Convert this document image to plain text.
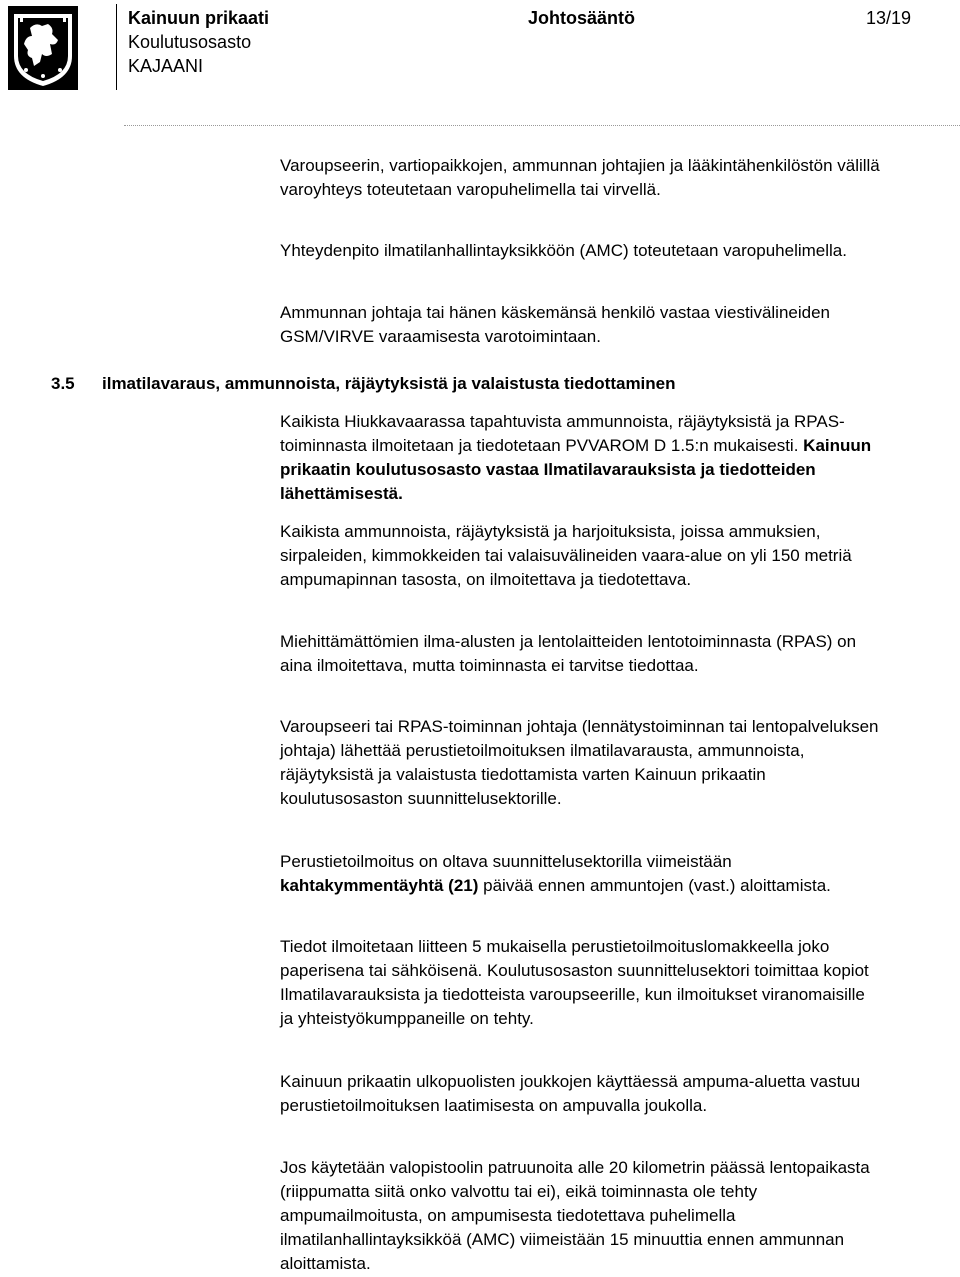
Kainuun prikaati
Koulutusosasto
KAJAANI
Johtosääntö	13/19

Varoupseerin, vartiopaikkojen, ammunnan johtajien ja lääkintähenkilöstön välillä varoyhteys toteutetaan varopuhelimella tai virvellä.

Yhteydenpito ilmatilanhallintayksikköön (AMC) toteutetaan varopuhelimella.

Ammunnan johtaja tai hänen käskemänsä henkilö vastaa viestivälineiden GSM/VIRVE varaamisesta varotoimintaan.

3.5 ilmatilavaraus, ammunnoista, räjäytyksistä ja valaistusta tiedottaminen

Kaikista Hiukkavaarassa tapahtuvista ammunnoista, räjäytyksistä ja RPAS-toiminnasta ilmoitetaan ja tiedotetaan PVVAROM D 1.5:n mukaisesti. Kainuun prikaatin koulutusosasto vastaa Ilmatilavarauksista ja tiedotteiden lähettämisestä.

Kaikista ammunnoista, räjäytyksistä ja harjoituksista, joissa ammuksien, sirpaleiden, kimmokkeiden tai valaisuvälineiden vaara-alue on yli 150 metriä ampumapinnan tasosta, on ilmoitettava ja tiedotettava.

Miehittämättömien ilma-alusten ja lentolaitteiden lentotoiminnasta (RPAS) on aina ilmoitettava, mutta toiminnasta ei tarvitse tiedottaa.

Varoupseeri tai RPAS-toiminnan johtaja (lennätystoiminnan tai lentopalveluksen johtaja) lähettää perustietoilmoituksen ilmatilavarausta, ammunnoista, räjäytyksistä ja valaistusta tiedottamista varten Kainuun prikaatin koulutusosaston suunnittelusektorille.

Perustietoilmoitus on oltava suunnittelusektorilla viimeistään kahtakymmentäyhtä (21) päivää ennen ammuntojen (vast.) aloittamista.

Tiedot ilmoitetaan liitteen 5 mukaisella perustietoilmoituslomakkeella joko paperisena tai sähköisenä. Koulutusosaston suunnittelusektori toimittaa kopiot Ilmatilavarauksista ja tiedotteista varoupseerille, kun ilmoitukset viranomaisille ja yhteistyökumppaneille on tehty.

Kainuun prikaatin ulkopuolisten joukkojen käyttäessä ampuma-aluetta vastuu perustietoilmoituksen laatimisesta on ampuvalla joukolla.

Jos käytetään valopistoolin patruunoita alle 20 kilometrin päässä lentopaikasta (riippumatta siitä onko valvottu tai ei), eikä toiminnasta ole tehty ampumailmoitusta, on ampumisesta tiedotettava puhelimella ilmatilanhallintayksikköä (AMC) viimeistään 15 minuuttia ennen ammunnan aloittamista.
